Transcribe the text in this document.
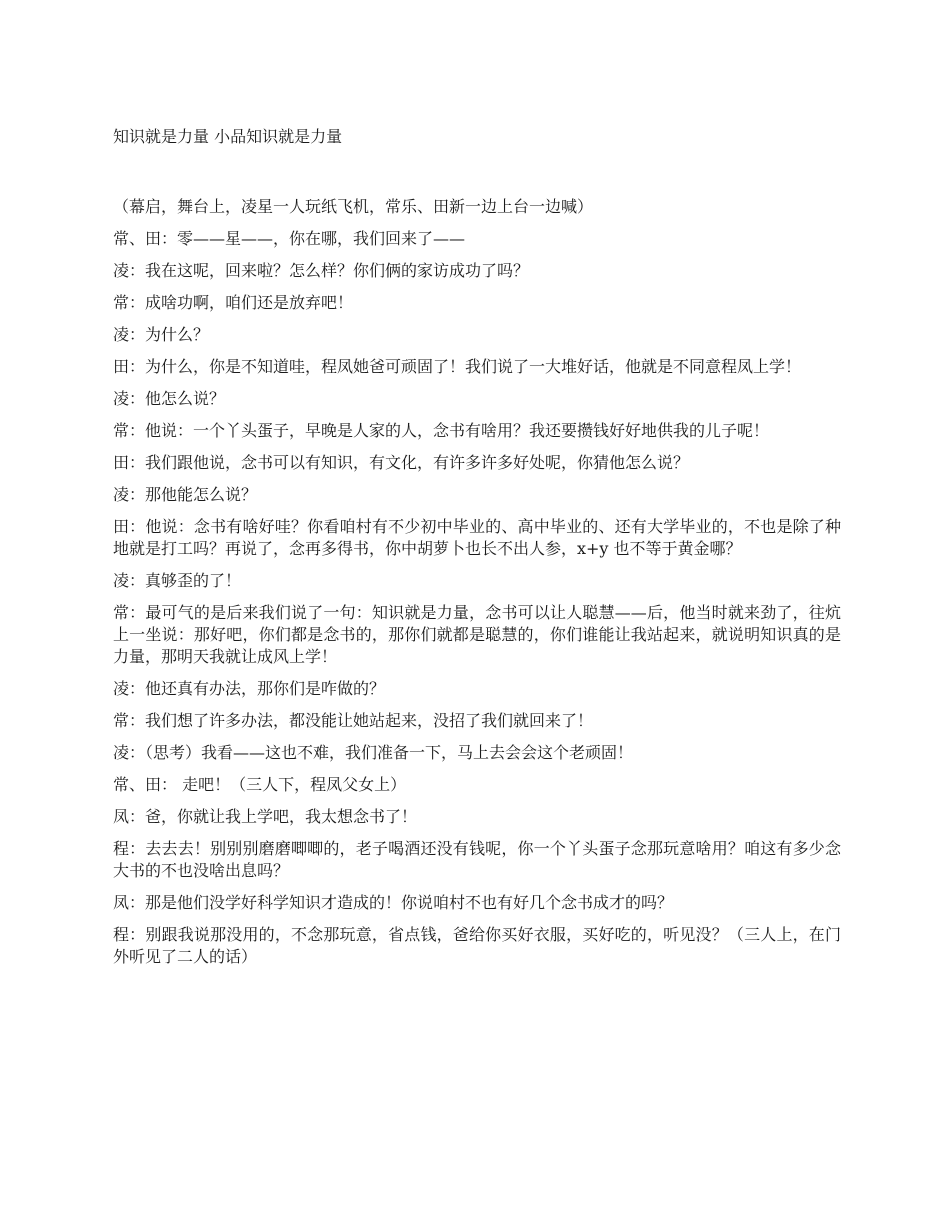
知识就是力量 小品知识就是力量

（幕启，舞台上，凌星一人玩纸飞机，常乐、田新一边上台一边喊）

常、田：零——星——，你在哪，我们回来了——

凌：我在这呢，回来啦？怎么样？你们俩的家访成功了吗？

常：成啥功啊，咱们还是放弃吧！

凌：为什么？

田：为什么，你是不知道哇，程凤她爸可顽固了！我们说了一大堆好话，他就是不同意程凤上学！

凌：他怎么说？

常：他说：一个丫头蛋子，早晚是人家的人，念书有啥用？我还要攒钱好好地供我的儿子呢！

田：我们跟他说，念书可以有知识，有文化，有许多许多好处呢，你猜他怎么说？

凌：那他能怎么说？

田：他说：念书有啥好哇？你看咱村有不少初中毕业的、高中毕业的、还有大学毕业的，不也是除了种地就是打工吗？再说了，念再多得书，你中胡萝卜也长不出人参，x+y 也不等于黄金哪？

凌：真够歪的了！

常：最可气的是后来我们说了一句：知识就是力量，念书可以让人聪慧——后，他当时就来劲了，往炕上一坐说：那好吧，你们都是念书的，那你们就都是聪慧的，你们谁能让我站起来，就说明知识真的是力量，那明天我就让成风上学！

凌：他还真有办法，那你们是咋做的？

常：我们想了许多办法，都没能让她站起来，没招了我们就回来了！

凌：（思考）我看——这也不难，我们准备一下，马上去会会这个老顽固！

常、田： 走吧！（三人下，程凤父女上）

凤：爸，你就让我上学吧，我太想念书了！

程：去去去！别别别磨磨唧唧的，老子喝酒还没有钱呢，你一个丫头蛋子念那玩意啥用？咱这有多少念大书的不也没啥出息吗？

凤：那是他们没学好科学知识才造成的！你说咱村不也有好几个念书成才的吗？

程：别跟我说那没用的，不念那玩意，省点钱，爸给你买好衣服，买好吃的，听见没？（三人上，在门外听见了二人的话）
